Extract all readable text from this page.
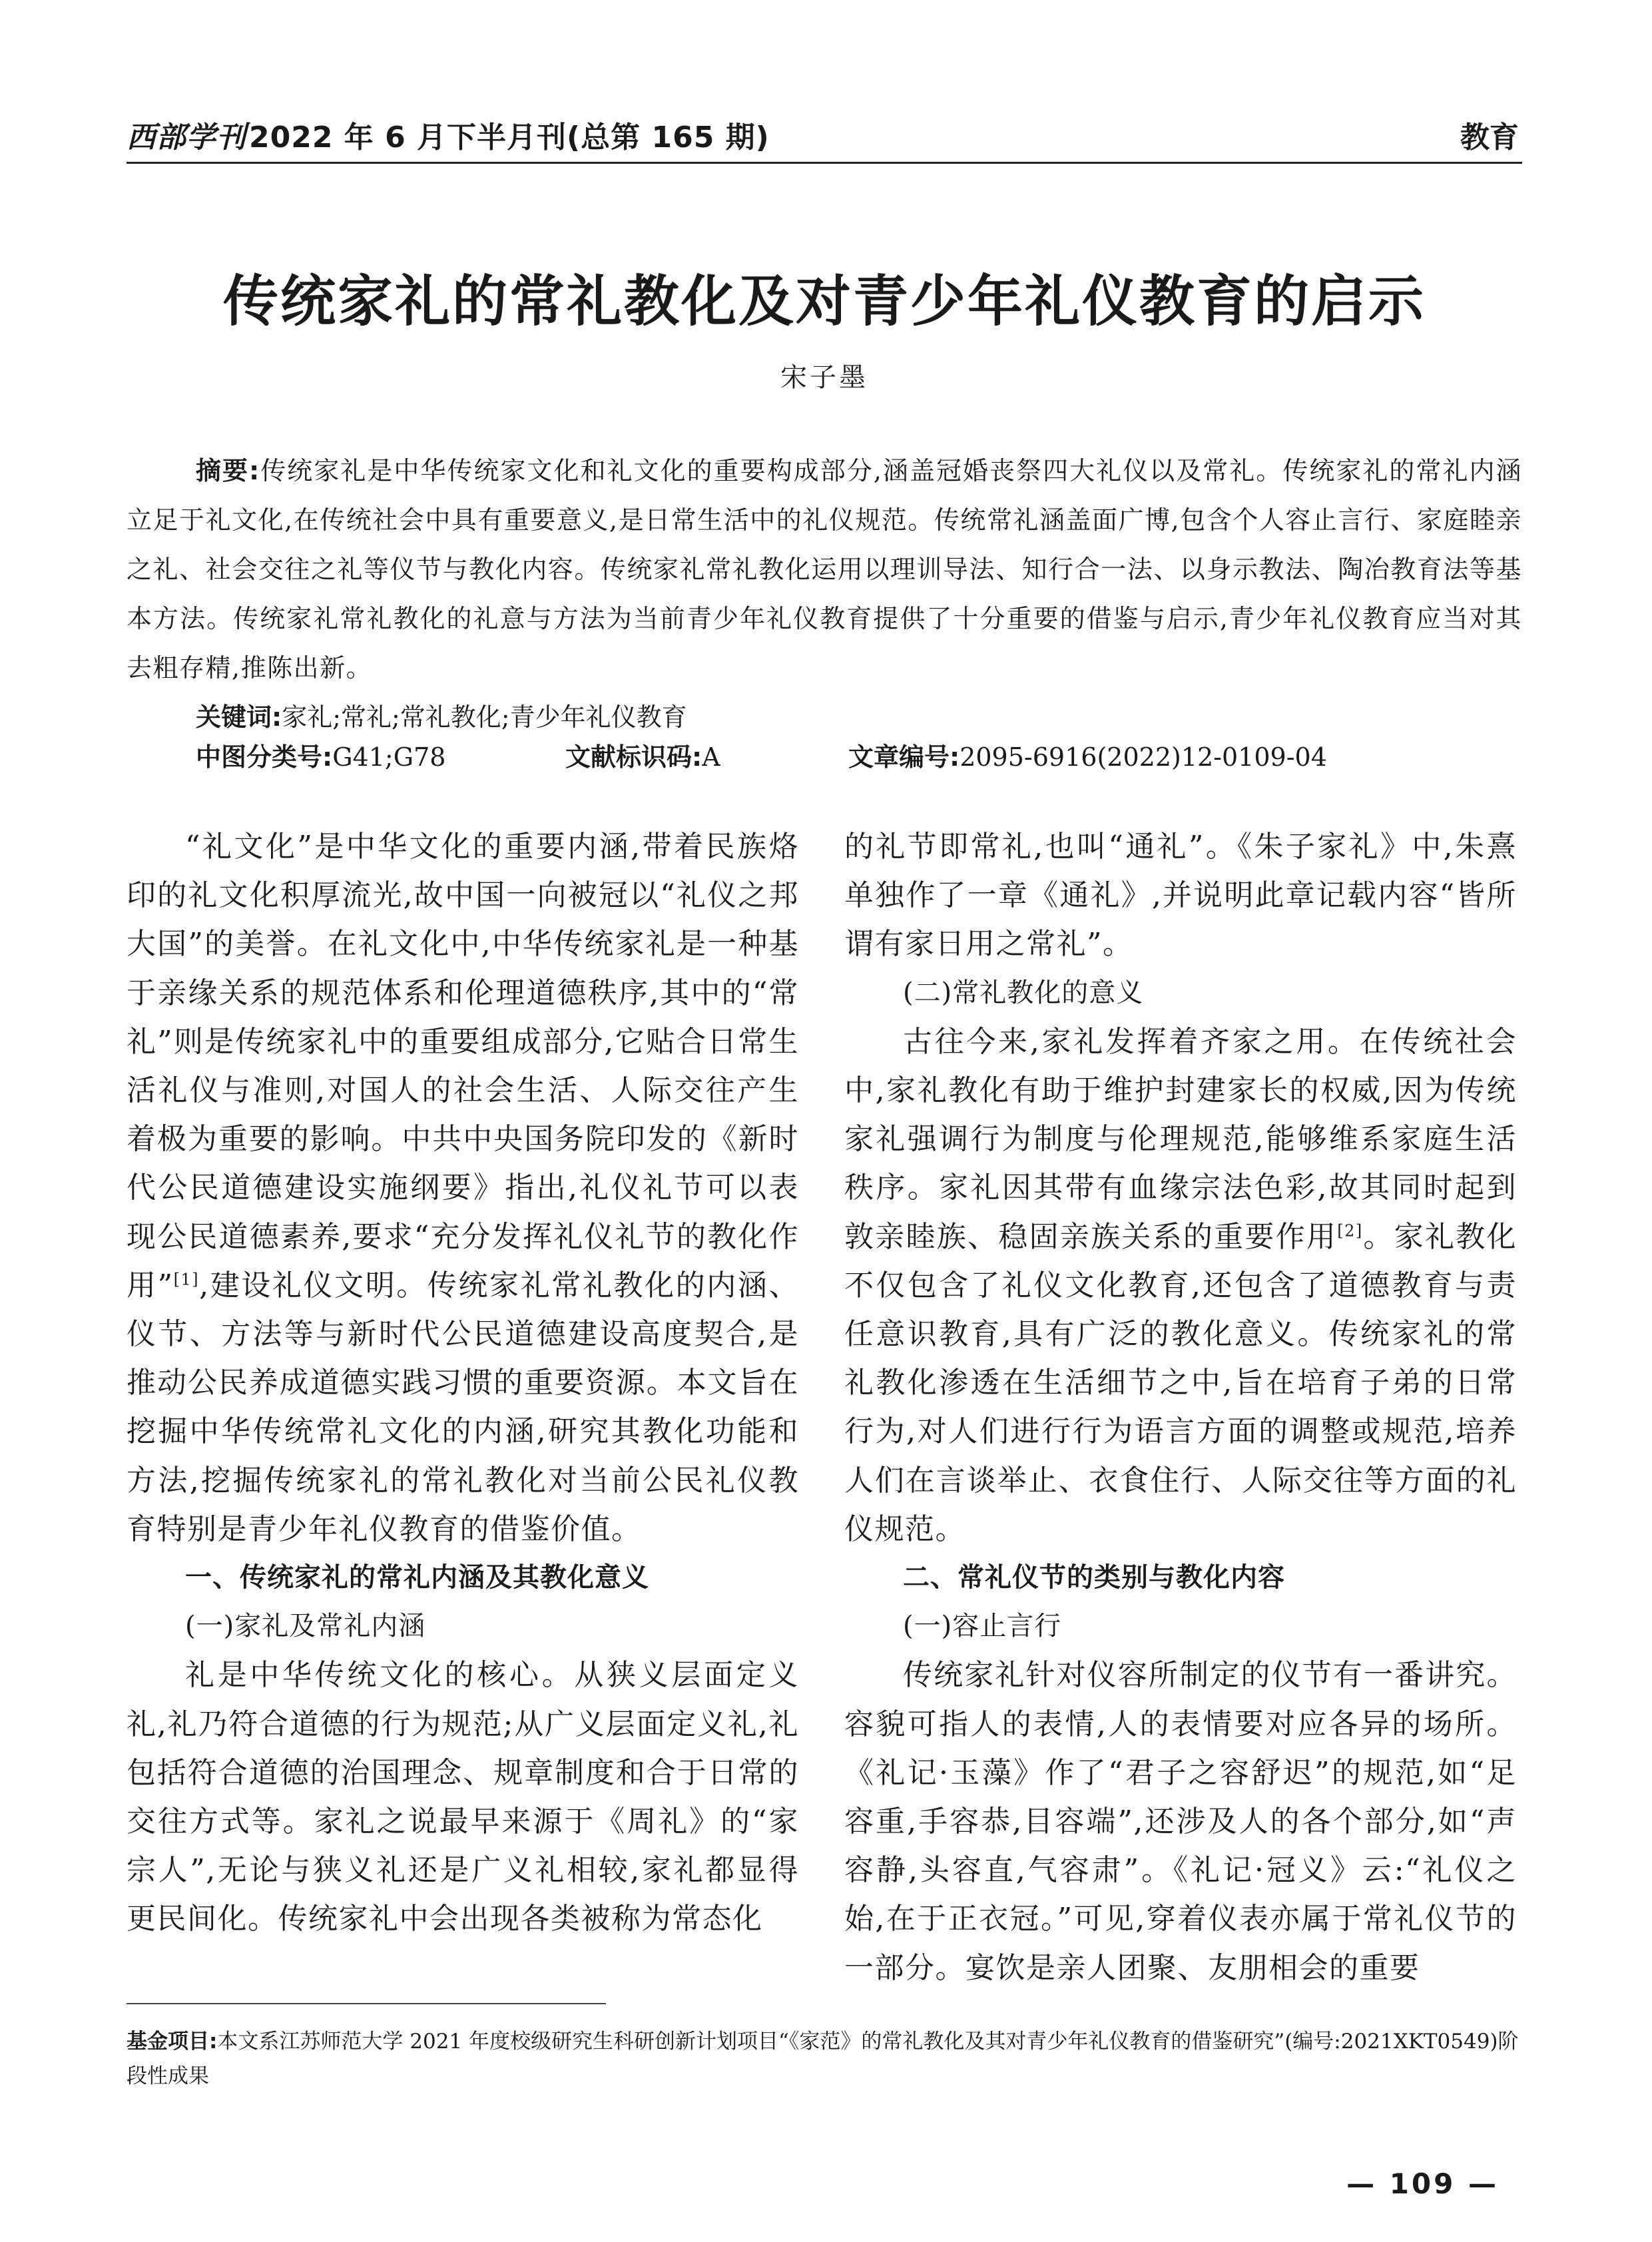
西部学刊2022 年 6 月下半月刊(总第 165 期)	教育
传统家礼的常礼教化及对青少年礼仪教育的启示
宋子墨
摘要:传统家礼是中华传统家文化和礼文化的重要构成部分,涵盖冠婚丧祭四大礼仪以及常礼。传统家礼的常礼内涵立足于礼文化,在传统社会中具有重要意义,是日常生活中的礼仪规范。传统常礼涵盖面广博,包含个人容止言行、家庭睦亲之礼、社会交往之礼等仪节与教化内容。传统家礼常礼教化运用以理训导法、知行合一法、以身示教法、陶冶教育法等基本方法。传统家礼常礼教化的礼意与方法为当前青少年礼仪教育提供了十分重要的借鉴与启示,青少年礼仪教育应当对其去粗存精,推陈出新。
关键词:家礼;常礼;常礼教化;青少年礼仪教育
中图分类号:G41;G78	文献标识码:A	文章编号:2095-6916(2022)12-0109-04

“礼文化”是中华文化的重要内涵,带着民族烙印的礼文化积厚流光,故中国一向被冠以“礼仪之邦大国”的美誉。在礼文化中,中华传统家礼是一种基于亲缘关系的规范体系和伦理道德秩序,其中的“常礼”则是传统家礼中的重要组成部分,它贴合日常生活礼仪与准则,对国人的社会生活、人际交往产生着极为重要的影响。中共中央国务院印发的《新时代公民道德建设实施纲要》指出,礼仪礼节可以表现公民道德素养,要求“充分发挥礼仪礼节的教化作用”[1],建设礼仪文明。传统家礼常礼教化的内涵、仪节、方法等与新时代公民道德建设高度契合,是推动公民养成道德实践习惯的重要资源。本文旨在挖掘中华传统常礼文化的内涵,研究其教化功能和方法,挖掘传统家礼的常礼教化对当前公民礼仪教育特别是青少年礼仪教育的借鉴价值。

一、传统家礼的常礼内涵及其教化意义
(一)家礼及常礼内涵

礼是中华传统文化的核心。从狭义层面定义礼,礼乃符合道德的行为规范;从广义层面定义礼,礼包括符合道德的治国理念、规章制度和合于日常的交往方式等。家礼之说最早来源于《周礼》的“家宗人”,无论与狭义礼还是广义礼相较,家礼都显得更民间化。传统家礼中会出现各类被称为常态化

的礼节即常礼,也叫“通礼”。《朱子家礼》中,朱熹单独作了一章《通礼》,并说明此章记载内容“皆所谓有家日用之常礼”。

(二)常礼教化的意义

古往今来,家礼发挥着齐家之用。在传统社会中,家礼教化有助于维护封建家长的权威,因为传统家礼强调行为制度与伦理规范,能够维系家庭生活秩序。家礼因其带有血缘宗法色彩,故其同时起到敦亲睦族、稳固亲族关系的重要作用[2]。家礼教化不仅包含了礼仪文化教育,还包含了道德教育与责任意识教育,具有广泛的教化意义。传统家礼的常礼教化渗透在生活细节之中,旨在培育子弟的日常行为,对人们进行行为语言方面的调整或规范,培养人们在言谈举止、衣食住行、人际交往等方面的礼仪规范。

二、常礼仪节的类别与教化内容
(一)容止言行

传统家礼针对仪容所制定的仪节有一番讲究。容貌可指人的表情,人的表情要对应各异的场所。《礼记·玉藻》作了“君子之容舒迟”的规范,如“足容重,手容恭,目容端”,还涉及人的各个部分,如“声容静,头容直,气容肃”。《礼记·冠义》云:“礼仪之始,在于正衣冠。”可见,穿着仪表亦属于常礼仪节的一部分。宴饮是亲人团聚、友朋相会的重要

基金项目:本文系江苏师范大学 2021 年度校级研究生科研创新计划项目“《家范》的常礼教化及其对青少年礼仪教育的借鉴研究”(编号:2021XKT0549)阶段性成果
— 109 —
